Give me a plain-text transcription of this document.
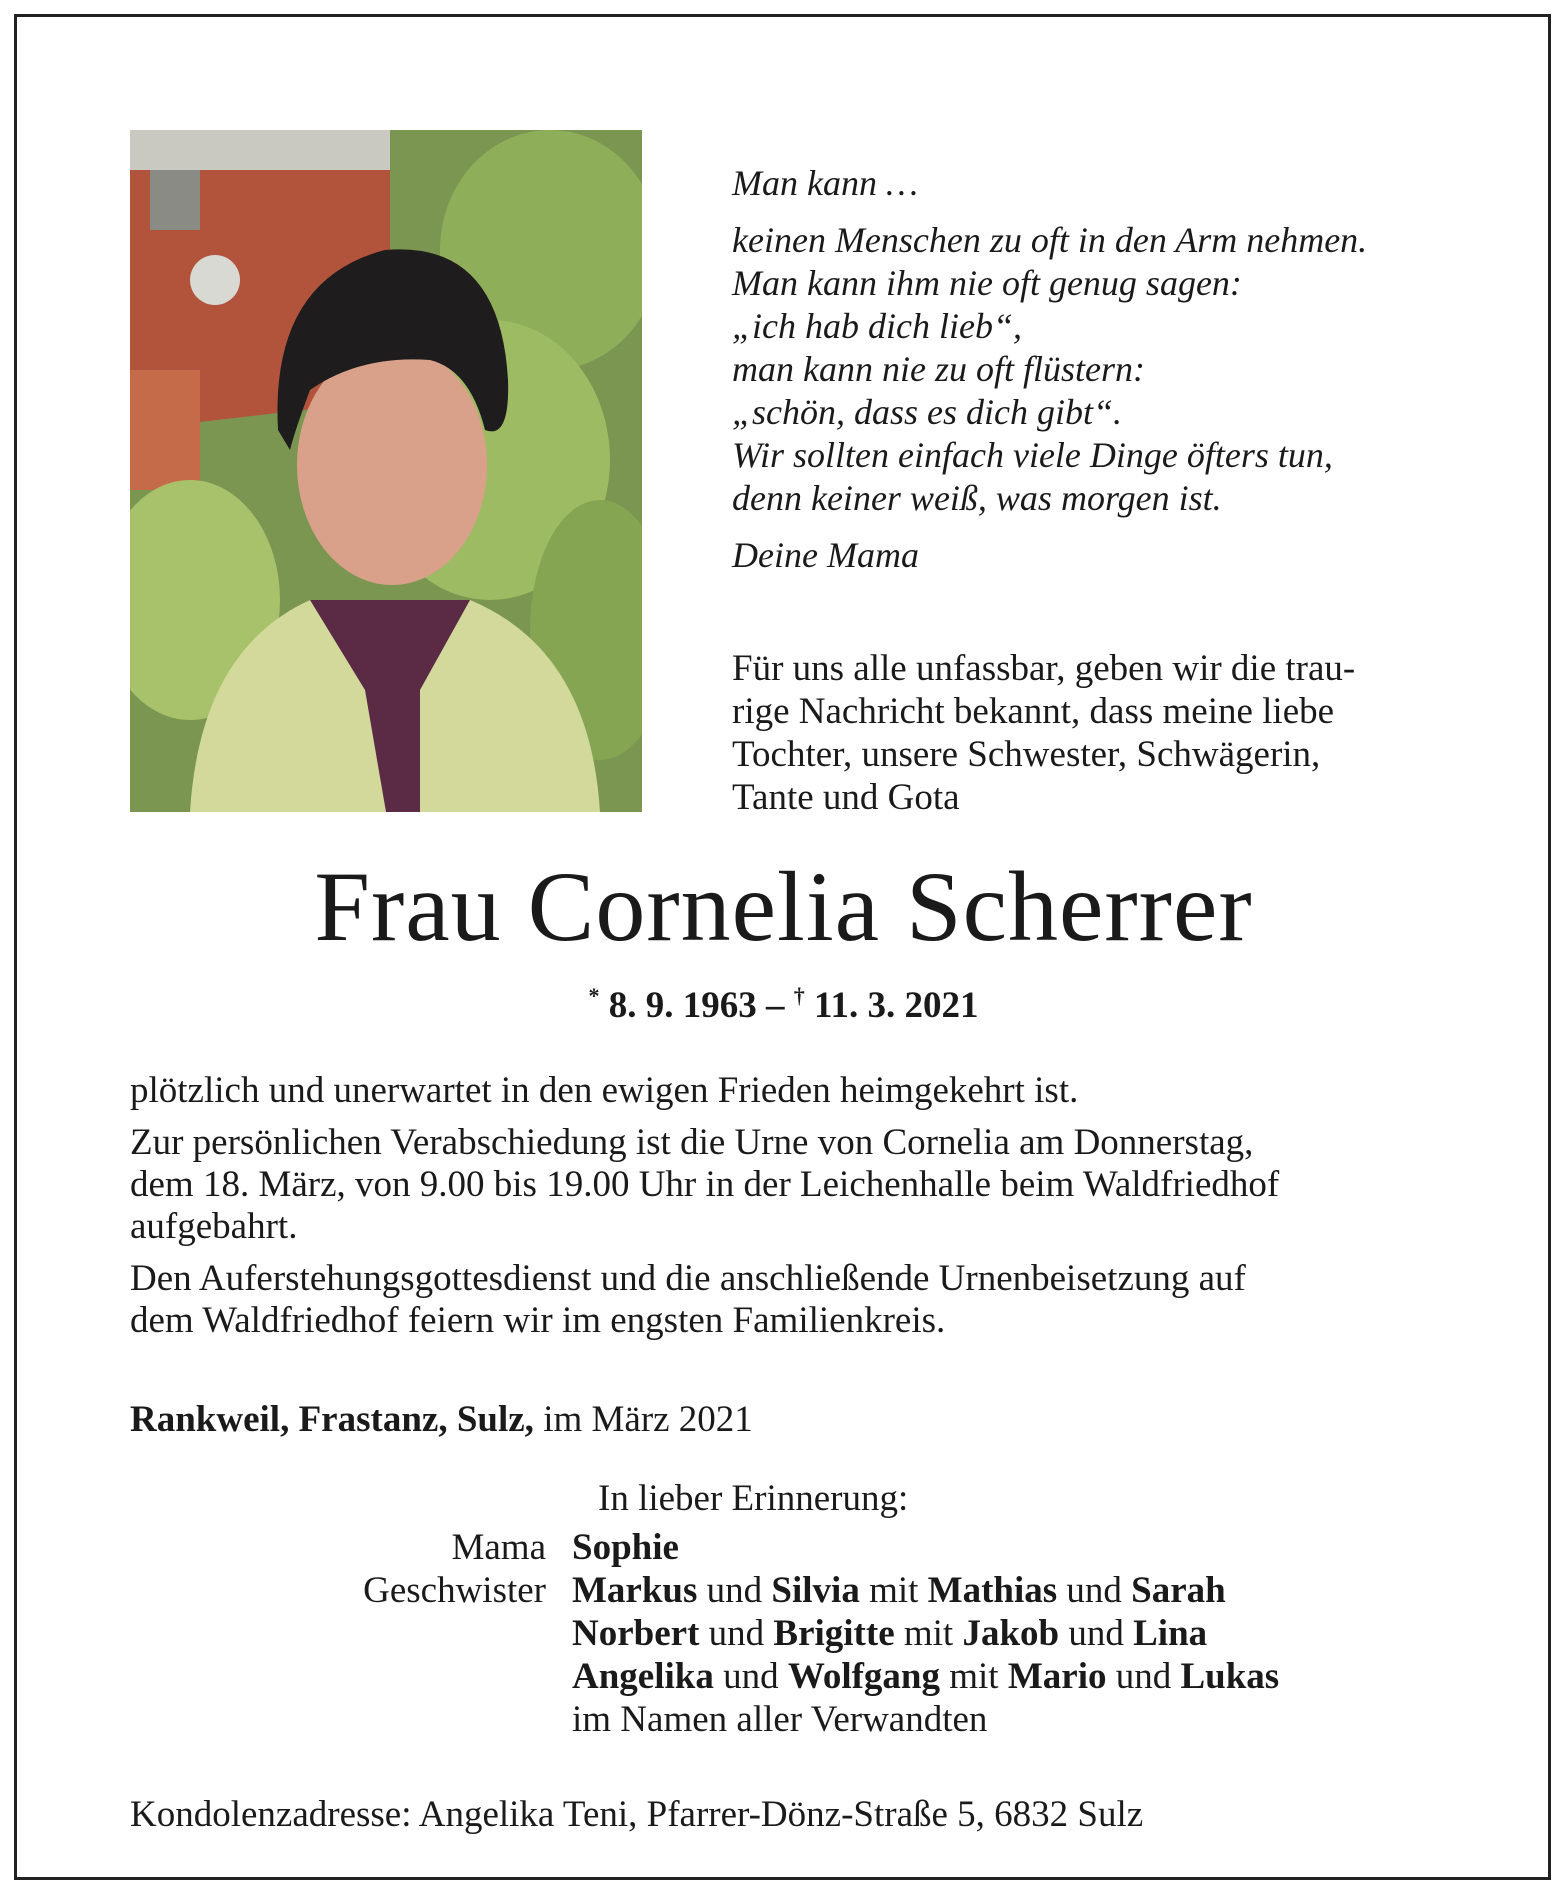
Man kann …
keinen Menschen zu oft in den Arm nehmen.
Man kann ihm nie oft genug sagen:
„ich hab dich lieb“,
man kann nie zu oft flüstern:
„schön, dass es dich gibt“.
Wir sollten einfach viele Dinge öfters tun,
denn keiner weiß, was morgen ist.
Deine Mama
Für uns alle unfassbar, geben wir die trau-
rige Nachricht bekannt, dass meine liebe
Tochter, unsere Schwester, Schwägerin,
Tante und Gota
Frau Cornelia Scherrer
* 8. 9. 1963 – † 11. 3. 2021

plötzlich und unerwartet in den ewigen Frieden heimgekehrt ist.

Zur persönlichen Verabschiedung ist die Urne von Cornelia am Donnerstag,
dem 18. März, von 9.00 bis 19.00 Uhr in der Leichenhalle beim Waldfriedhof
aufgebahrt.

Den Auferstehungsgottesdienst und die anschließende Urnenbeisetzung auf
dem Waldfriedhof feiern wir im engsten Familienkreis.

Rankweil, Frastanz, Sulz, im März 2021
In lieber Erinnerung:
Mama Sophie
Geschwister Markus und Silvia mit Mathias und Sarah
Norbert und Brigitte mit Jakob und Lina
Angelika und Wolfgang mit Mario und Lukas
im Namen aller Verwandten
Kondolenzadresse: Angelika Teni, Pfarrer-Dönz-Straße 5, 6832 Sulz
